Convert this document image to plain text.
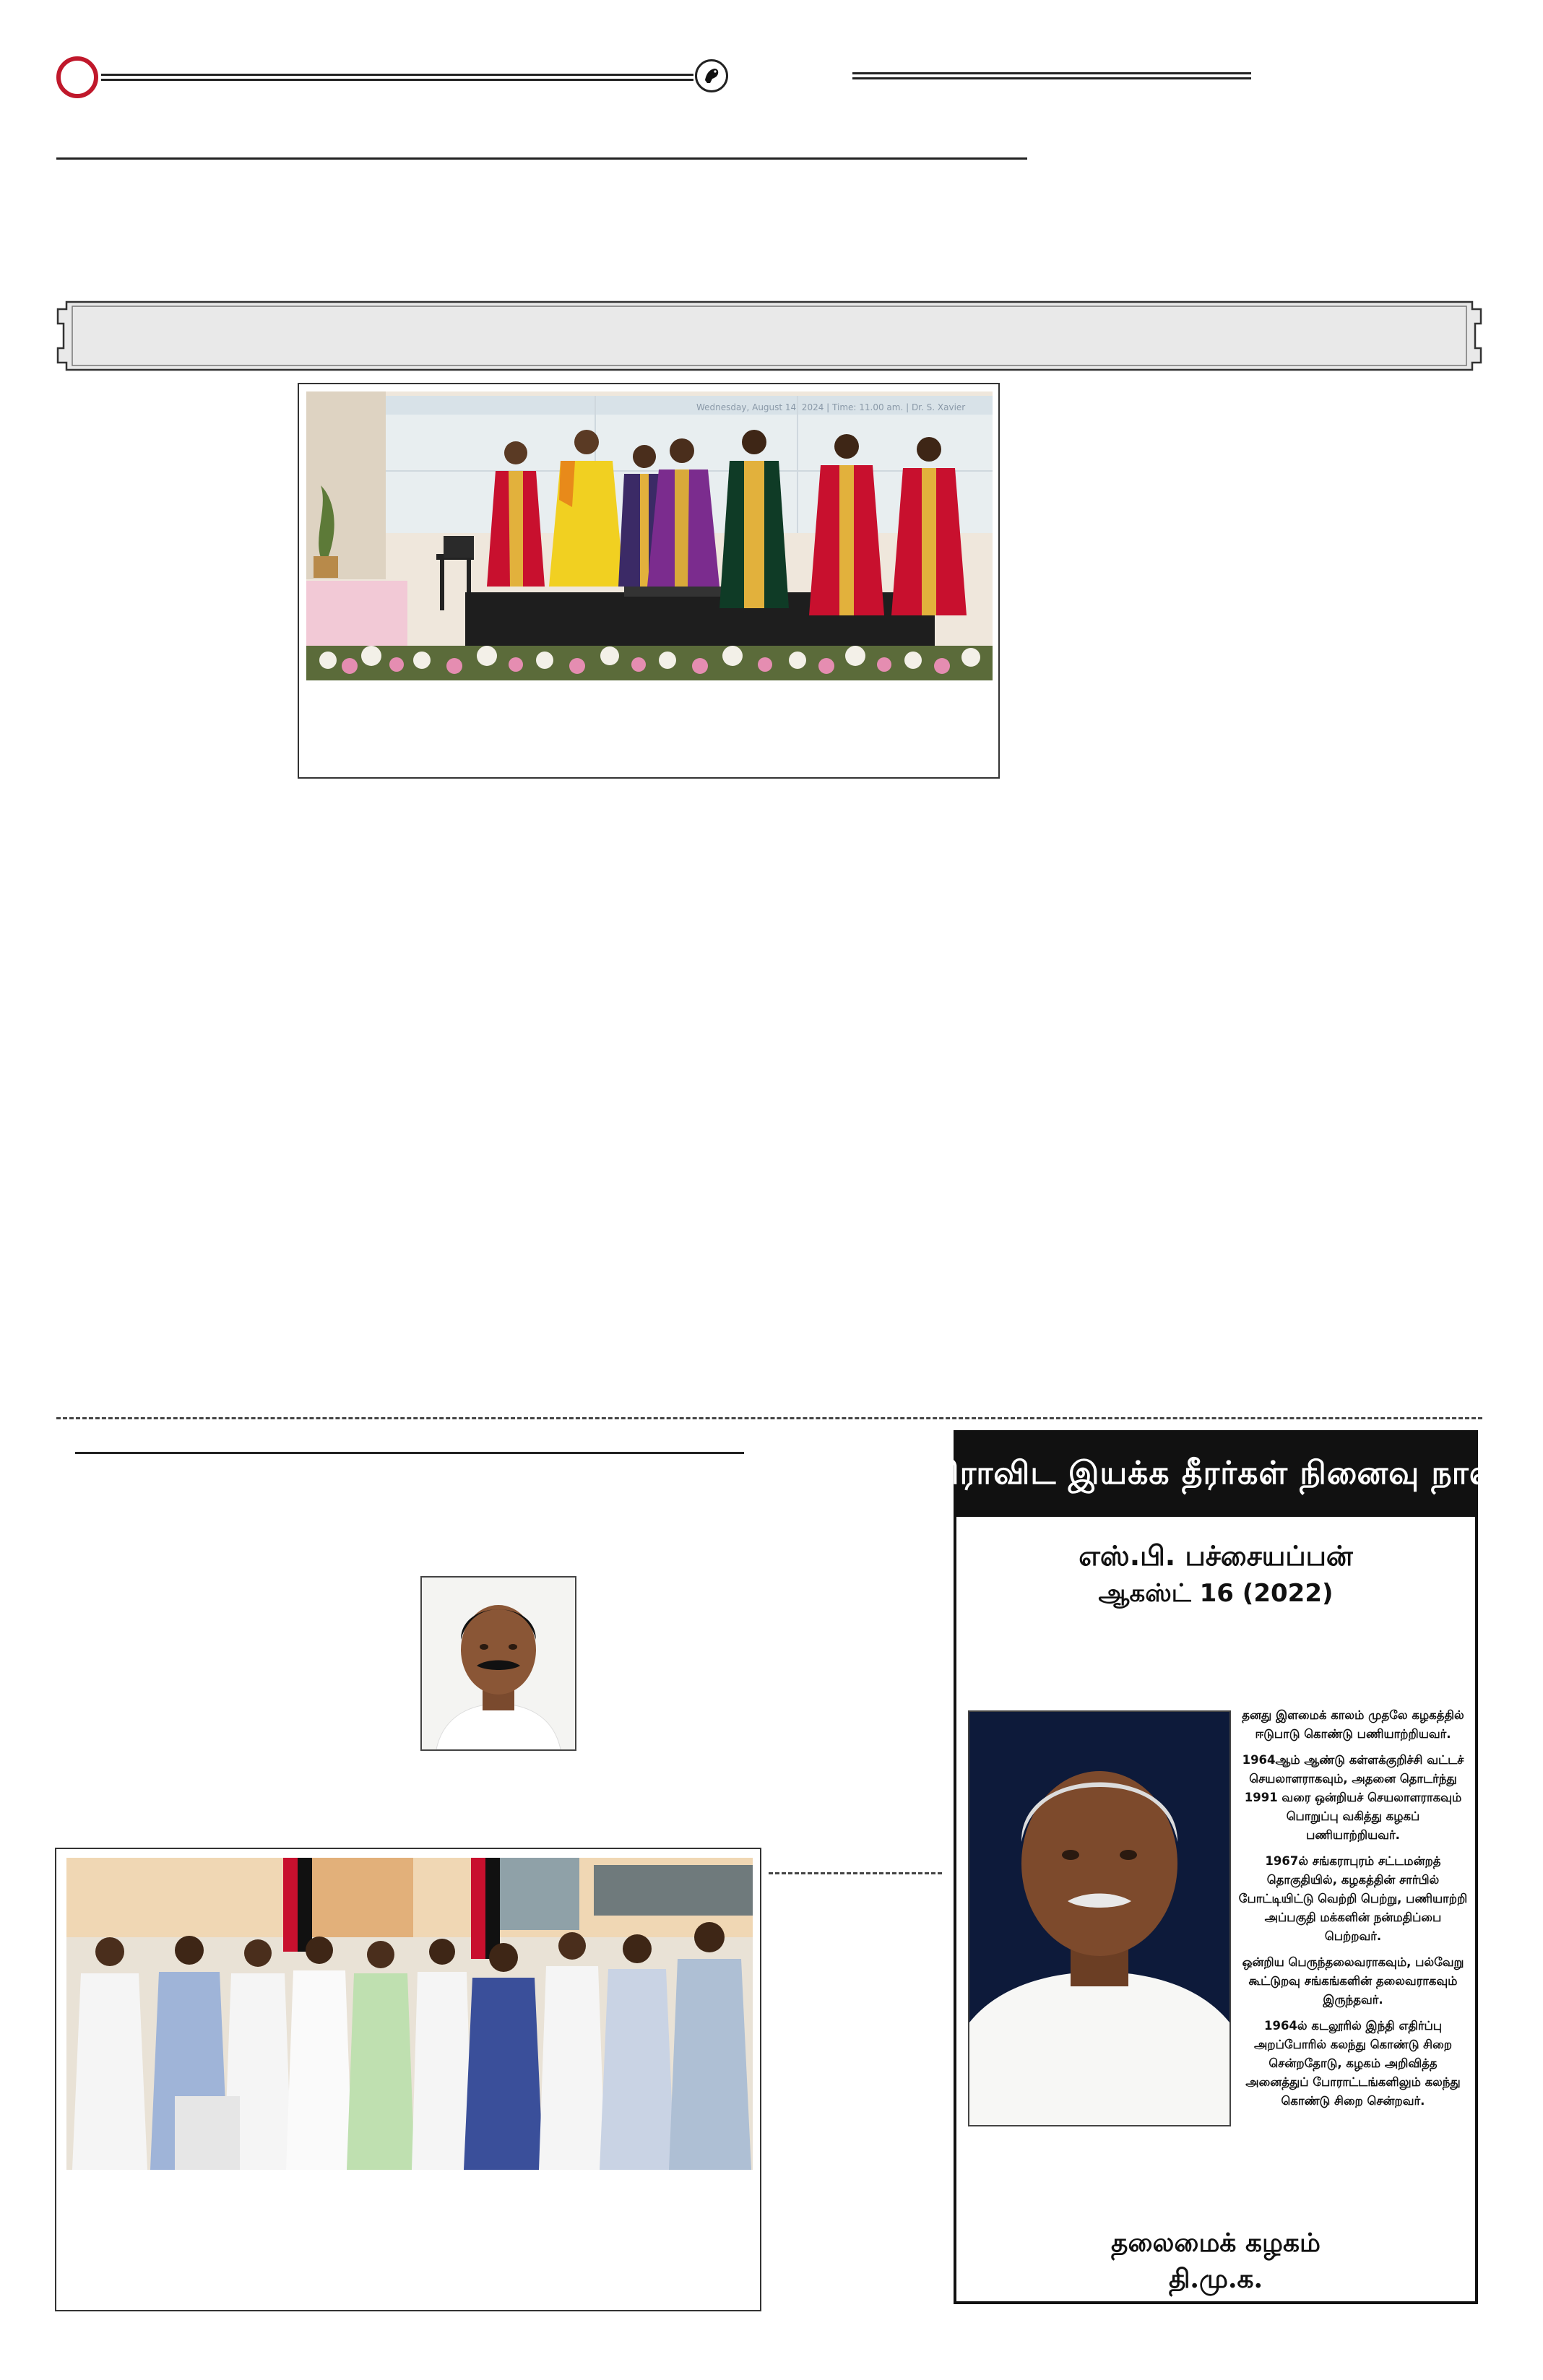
Wednesday, August 14, 2024 | Time: 11.00 am. | Dr. S. Xavier
திராவிட இயக்க தீரர்கள் நினைவு நாள்
எஸ்.பி. பச்சையப்பன்
ஆகஸ்ட் 16 (2022)

தனது இளமைக் காலம் முதலே கழகத்தில் ஈடுபாடு கொண்டு பணியாற்றியவர்.

1964ஆம் ஆண்டு கள்ளக்குறிச்சி வட்டச் செயலாளராகவும், அதனை தொடர்ந்து 1991 வரை ஒன்றியச் செயலாளராகவும் பொறுப்பு வகித்து கழகப் பணியாற்றியவர்.

1967ல் சங்கராபுரம் சட்டமன்றத் தொகுதியில், கழகத்தின் சார்பில் போட்டியிட்டு வெற்றி பெற்று, பணியாற்றி அப்பகுதி மக்களின் நன்மதிப்பை பெற்றவர்.

ஒன்றிய பெருந்தலைவராகவும், பல்வேறு கூட்டுறவு சங்கங்களின் தலைவராகவும் இருந்தவர்.

1964ல் கடலூரில் இந்தி எதிர்ப்பு அறப்போரில் கலந்து கொண்டு சிறை சென்றதோடு, கழகம் அறிவித்த அனைத்துப் போராட்டங்களிலும் கலந்து கொண்டு சிறை சென்றவர்.

தலைமைக் கழகம்
தி.மு.க.
